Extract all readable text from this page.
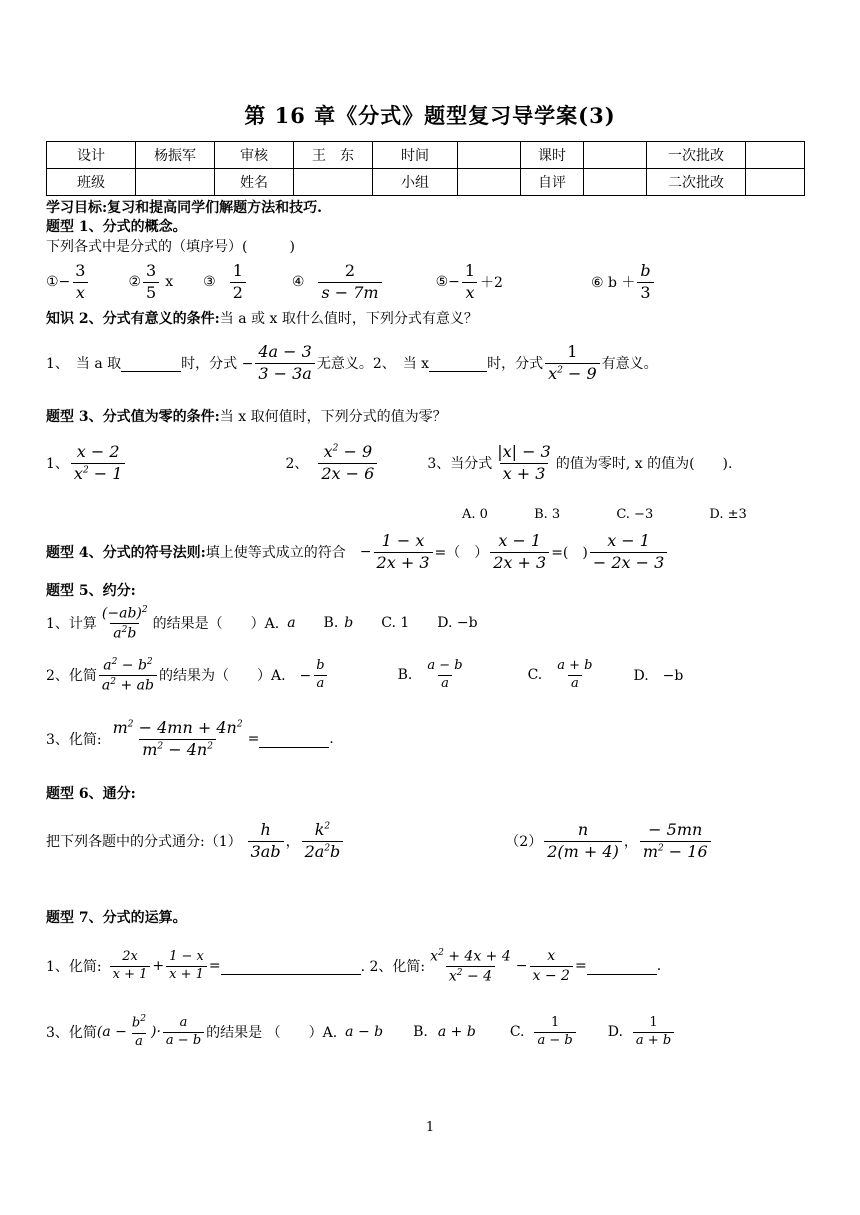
第 16 章《分式》题型复习导学案(3)
设计	杨振军	审核	王　东	时间		课时		一次批改	
班级		姓名		小组		自评		二次批改	
学习目标:复习和提高同学们解题方法和技巧.
题型 1、分式的概念。
下列各式中是分式的（填序号）(　　　)
①− $\frac{3}{x}$	② $\frac{3}{5}$ x ③ $\frac{1}{2}$	④ $\frac{2}{s - 7m}$	⑤− $\frac{1}{x} +2$	⑥ $b + \frac{b}{3}$
知识 2、分式有意义的条件:当 a 或 x 取什么值时，下列分式有意义？
1、　当 a 取	时，分式 − $\frac{4a - 3}{3 - 3a}$ 无意义。2、　当 x	时，分式 $\frac{1}{x^2 - 9}$ 有意义。
题型 3、分式值为零的条件:当 x 取何值时，下列分式的值为零？
1、 $\frac{x - 2}{x^2 - 1}$	2、 $\frac{x^2 - 9}{2x - 6}$	3、当分式 $\frac{|x| - 3}{x + 3}$ 的值为零时, x 的值为(　　).
A. 0	B. 3	C. −3	D. ±3
题型 4、分式的符号法则: 填上使等式成立的符合 − $\frac{1 - x}{2x + 3}$ =（　） $\frac{x - 1}{2x + 3}$ =(　) $\frac{x - 1}{- 2x - 3}$
题型 5、约分:
1、计算 $\frac{(-ab)^2}{a^2b}$ 的结果是（　　）A. a B. b C. 1 D. −b
2、化简 $\frac{a^2 - b^2}{a^2 + ab}$ 的结果为（　　）A.　− $\frac{b}{a}$	B. $\frac{a - b}{a}$	C. $\frac{a + b}{a}$	D.　−b
3、化简: $\frac{m^2 - 4mn + 4n^2}{m^2 - 4n^2}$ =	.
题型 6、通分:
把下列各题中的分式通分:（1） $\frac{h}{3ab}$ ， $\frac{k^2}{2a^2b}$	$(2) \frac{n}{2(m + 4)}$ ， $\frac{- 5mn}{m^2 - 16}$
题型 7、分式的运算。
1、化简: $\frac{2x}{x + 1} + \frac{1 - x}{x + 1}$ =	. 2、化简: $\frac{x^2 + 4x + 4}{x^2 - 4} - \frac{x}{x - 2}$ =	.
3、化简 ($a - \frac{b^2}{a}$ )· $\frac{a}{a - b}$ 的结果是 （　　）A. a − b B. a + b C. $\frac{1}{a - b} D$. $\frac{1}{a + b}$
1
